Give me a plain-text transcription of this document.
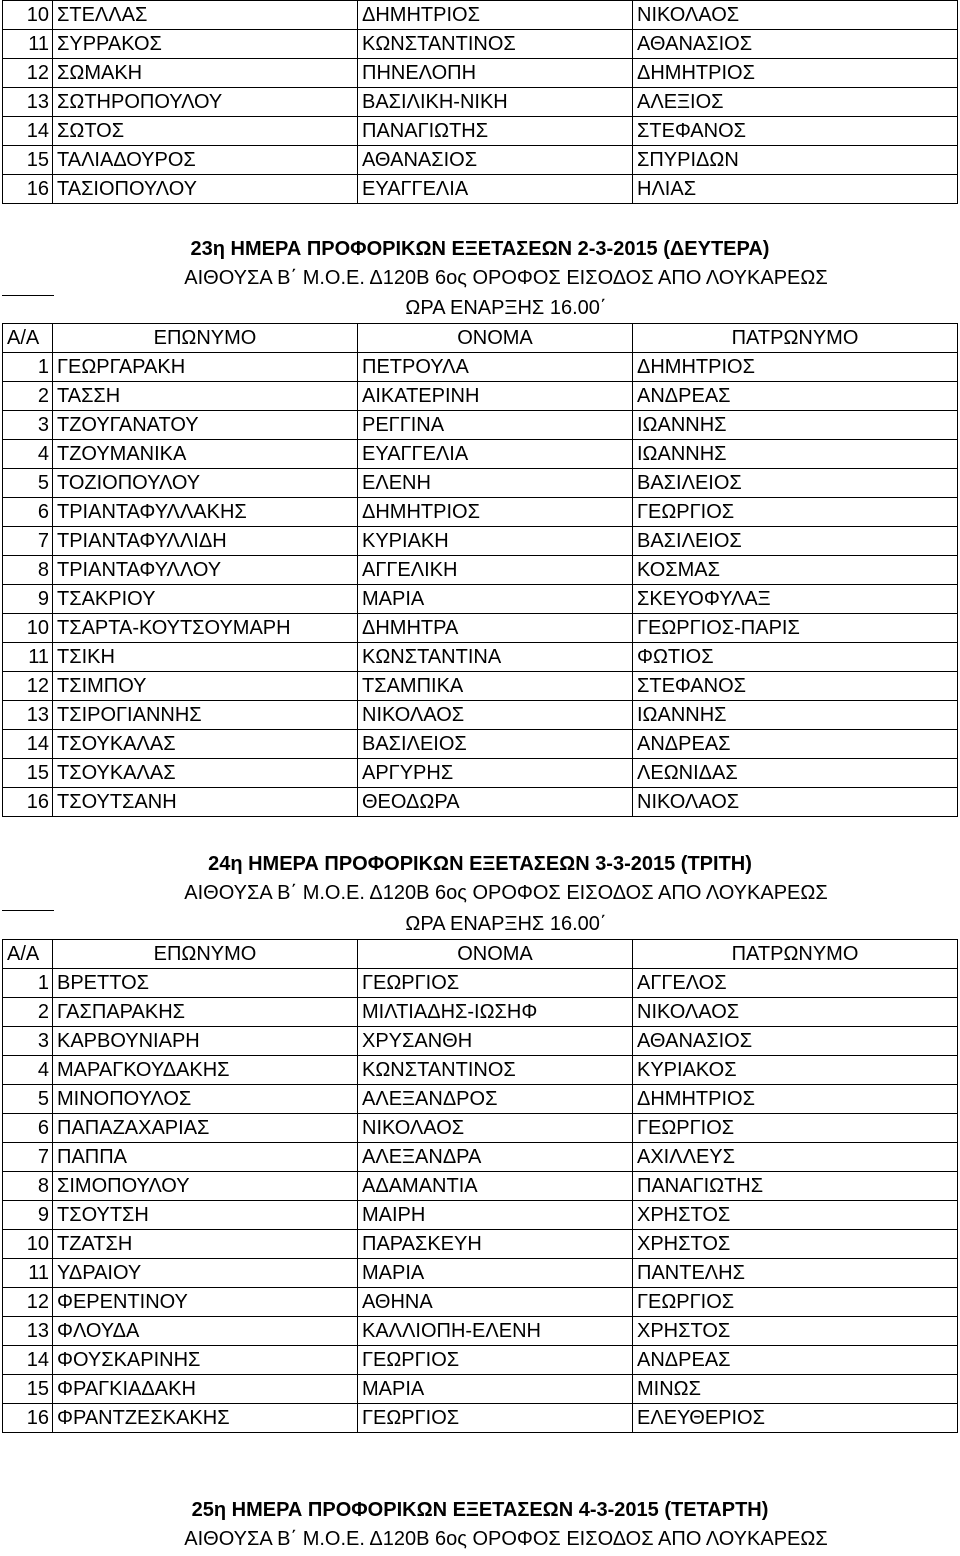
10	ΣΤΕΛΛΑΣ	ΔΗΜΗΤΡΙΟΣ	ΝΙΚΟΛΑΟΣ
11	ΣΥΡΡΑΚΟΣ	ΚΩΝΣΤΑΝΤΙΝΟΣ	ΑΘΑΝΑΣΙΟΣ
12	ΣΩΜΑΚΗ	ΠΗΝΕΛΟΠΗ	ΔΗΜΗΤΡΙΟΣ
13	ΣΩΤΗΡΟΠΟΥΛΟΥ	ΒΑΣΙΛΙΚΗ-ΝΙΚΗ	ΑΛΕΞΙΟΣ
14	ΣΩΤΟΣ	ΠΑΝΑΓΙΩΤΗΣ	ΣΤΕΦΑΝΟΣ
15	ΤΑΛΙΑΔΟΥΡΟΣ	ΑΘΑΝΑΣΙΟΣ	ΣΠΥΡΙΔΩΝ
16	ΤΑΣΙΟΠΟΥΛΟΥ	ΕΥΑΓΓΕΛΙΑ	ΗΛΙΑΣ
23η ΗΜΕΡΑ ΠΡΟΦΟΡΙΚΩΝ ΕΞΕΤΑΣΕΩΝ 2-3-2015 (ΔΕΥΤΕΡΑ)
ΑΙΘΟΥΣΑ Β΄ Μ.Ο.Ε. Δ120Β 6ος ΟΡΟΦΟΣ ΕΙΣΟΔΟΣ ΑΠΟ ΛΟΥΚΑΡΕΩΣ
ΩΡΑ ΕΝΑΡΞΗΣ 16.00΄
Α/Α	ΕΠΩΝΥΜΟ	ΟΝΟΜΑ	ΠΑΤΡΩΝΥΜΟ
1	ΓΕΩΡΓΑΡΑΚΗ	ΠΕΤΡΟΥΛΑ	ΔΗΜΗΤΡΙΟΣ
2	ΤΑΣΣΗ	ΑΙΚΑΤΕΡΙΝΗ	ΑΝΔΡΕΑΣ
3	ΤΖΟΥΓΑΝΑΤΟΥ	ΡΕΓΓΙΝΑ	ΙΩΑΝΝΗΣ
4	ΤΖΟΥΜΑΝΙΚΑ	ΕΥΑΓΓΕΛΙΑ	ΙΩΑΝΝΗΣ
5	ΤΟΖΙΟΠΟΥΛΟΥ	ΕΛΕΝΗ	ΒΑΣΙΛΕΙΟΣ
6	ΤΡΙΑΝΤΑΦΥΛΛΑΚΗΣ	ΔΗΜΗΤΡΙΟΣ	ΓΕΩΡΓΙΟΣ
7	ΤΡΙΑΝΤΑΦΥΛΛΙΔΗ	ΚΥΡΙΑΚΗ	ΒΑΣΙΛΕΙΟΣ
8	ΤΡΙΑΝΤΑΦΥΛΛΟΥ	ΑΓΓΕΛΙΚΗ	ΚΟΣΜΑΣ
9	ΤΣΑΚΡΙΟΥ	ΜΑΡΙΑ	ΣΚΕΥΟΦΥΛΑΞ
10	ΤΣΑΡΤΑ-ΚΟΥΤΣΟΥΜΑΡΗ	ΔΗΜΗΤΡΑ	ΓΕΩΡΓΙΟΣ-ΠΑΡΙΣ
11	ΤΣΙΚΗ	ΚΩΝΣΤΑΝΤΙΝΑ	ΦΩΤΙΟΣ
12	ΤΣΙΜΠΟΥ	ΤΣΑΜΠΙΚΑ	ΣΤΕΦΑΝΟΣ
13	ΤΣΙΡΟΓΙΑΝΝΗΣ	ΝΙΚΟΛΑΟΣ	ΙΩΑΝΝΗΣ
14	ΤΣΟΥΚΑΛΑΣ	ΒΑΣΙΛΕΙΟΣ	ΑΝΔΡΕΑΣ
15	ΤΣΟΥΚΑΛΑΣ	ΑΡΓΥΡΗΣ	ΛΕΩΝΙΔΑΣ
16	ΤΣΟΥΤΣΑΝΗ	ΘΕΟΔΩΡΑ	ΝΙΚΟΛΑΟΣ
24η ΗΜΕΡΑ ΠΡΟΦΟΡΙΚΩΝ ΕΞΕΤΑΣΕΩΝ 3-3-2015 (ΤΡΙΤΗ)
ΑΙΘΟΥΣΑ Β΄ Μ.Ο.Ε. Δ120Β 6ος ΟΡΟΦΟΣ ΕΙΣΟΔΟΣ ΑΠΟ ΛΟΥΚΑΡΕΩΣ
ΩΡΑ ΕΝΑΡΞΗΣ 16.00΄
Α/Α	ΕΠΩΝΥΜΟ	ΟΝΟΜΑ	ΠΑΤΡΩΝΥΜΟ
1	ΒΡΕΤΤΟΣ	ΓΕΩΡΓΙΟΣ	ΑΓΓΕΛΟΣ
2	ΓΑΣΠΑΡΑΚΗΣ	ΜΙΛΤΙΑΔΗΣ-ΙΩΣΗΦ	ΝΙΚΟΛΑΟΣ
3	ΚΑΡΒΟΥΝΙΑΡΗ	ΧΡΥΣΑΝΘΗ	ΑΘΑΝΑΣΙΟΣ
4	ΜΑΡΑΓΚΟΥΔΑΚΗΣ	ΚΩΝΣΤΑΝΤΙΝΟΣ	ΚΥΡΙΑΚΟΣ
5	ΜΙΝΟΠΟΥΛΟΣ	ΑΛΕΞΑΝΔΡΟΣ	ΔΗΜΗΤΡΙΟΣ
6	ΠΑΠΑΖΑΧΑΡΙΑΣ	ΝΙΚΟΛΑΟΣ	ΓΕΩΡΓΙΟΣ
7	ΠΑΠΠΑ	ΑΛΕΞΑΝΔΡΑ	ΑΧΙΛΛΕΥΣ
8	ΣΙΜΟΠΟΥΛΟΥ	ΑΔΑΜΑΝΤΙΑ	ΠΑΝΑΓΙΩΤΗΣ
9	ΤΣΟΥΤΣΗ	ΜΑΙΡΗ	ΧΡΗΣΤΟΣ
10	ΤΖΑΤΣΗ	ΠΑΡΑΣΚΕΥΗ	ΧΡΗΣΤΟΣ
11	ΥΔΡΑΙΟΥ	ΜΑΡΙΑ	ΠΑΝΤΕΛΗΣ
12	ΦΕΡΕΝΤΙΝΟΥ	ΑΘΗΝΑ	ΓΕΩΡΓΙΟΣ
13	ΦΛΟΥΔΑ	ΚΑΛΛΙΟΠΗ-ΕΛΕΝΗ	ΧΡΗΣΤΟΣ
14	ΦΟΥΣΚΑΡΙΝΗΣ	ΓΕΩΡΓΙΟΣ	ΑΝΔΡΕΑΣ
15	ΦΡΑΓΚΙΑΔΑΚΗ	ΜΑΡΙΑ	ΜΙΝΩΣ
16	ΦΡΑΝΤΖΕΣΚΑΚΗΣ	ΓΕΩΡΓΙΟΣ	ΕΛΕΥΘΕΡΙΟΣ
25η ΗΜΕΡΑ ΠΡΟΦΟΡΙΚΩΝ ΕΞΕΤΑΣΕΩΝ 4-3-2015 (ΤΕΤΑΡΤΗ)
ΑΙΘΟΥΣΑ Β΄ Μ.Ο.Ε. Δ120Β 6ος ΟΡΟΦΟΣ ΕΙΣΟΔΟΣ ΑΠΟ ΛΟΥΚΑΡΕΩΣ
